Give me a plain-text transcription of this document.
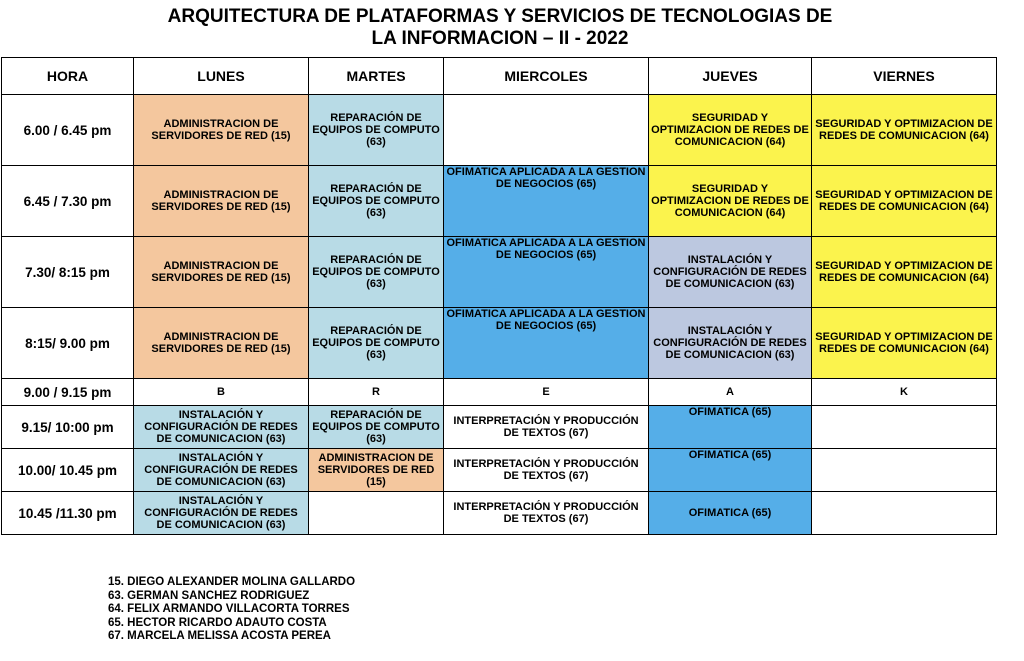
ARQUITECTURA DE PLATAFORMAS Y SERVICIOS DE TECNOLOGIAS DE
LA INFORMACION – II - 2022
HORA	LUNES	MARTES	MIERCOLES	JUEVES	VIERNES
6.00 / 6.45 pm	ADMINISTRACION DE SERVIDORES DE RED (15)	REPARACIÓN DE EQUIPOS DE COMPUTO (63)		SEGURIDAD Y OPTIMIZACION DE REDES DE COMUNICACION (64)	SEGURIDAD Y OPTIMIZACION DE REDES DE COMUNICACION (64)
6.45 / 7.30 pm	ADMINISTRACION DE SERVIDORES DE RED (15)	REPARACIÓN DE EQUIPOS DE COMPUTO (63)	OFIMATICA APLICADA A LA GESTION DE NEGOCIOS (65)	SEGURIDAD Y OPTIMIZACION DE REDES DE COMUNICACION (64)	SEGURIDAD Y OPTIMIZACION DE REDES DE COMUNICACION (64)
7.30/ 8:15 pm	ADMINISTRACION DE SERVIDORES DE RED (15)	REPARACIÓN DE EQUIPOS DE COMPUTO (63)	OFIMATICA APLICADA A LA GESTION DE NEGOCIOS (65)	INSTALACIÓN Y CONFIGURACIÓN DE REDES DE COMUNICACION (63)	SEGURIDAD Y OPTIMIZACION DE REDES DE COMUNICACION (64)
8:15/ 9.00 pm	ADMINISTRACION DE SERVIDORES DE RED (15)	REPARACIÓN DE EQUIPOS DE COMPUTO (63)	OFIMATICA APLICADA A LA GESTION DE NEGOCIOS (65)	INSTALACIÓN Y CONFIGURACIÓN DE REDES DE COMUNICACION (63)	SEGURIDAD Y OPTIMIZACION DE REDES DE COMUNICACION (64)
9.00 / 9.15 pm	B	R	E	A	K
9.15/ 10:00 pm	INSTALACIÓN Y CONFIGURACIÓN DE REDES DE COMUNICACION (63)	REPARACIÓN DE EQUIPOS DE COMPUTO (63)	INTERPRETACIÓN Y PRODUCCIÓN DE TEXTOS (67)	OFIMATICA (65)	
10.00/ 10.45 pm	INSTALACIÓN Y CONFIGURACIÓN DE REDES DE COMUNICACION (63)	ADMINISTRACION DE SERVIDORES DE RED (15)	INTERPRETACIÓN Y PRODUCCIÓN DE TEXTOS (67)	OFIMATICA (65)	
10.45 /11.30 pm	INSTALACIÓN Y CONFIGURACIÓN DE REDES DE COMUNICACION (63)		INTERPRETACIÓN Y PRODUCCIÓN DE TEXTOS (67)	OFIMATICA (65)	
15. DIEGO ALEXANDER MOLINA GALLARDO
63. GERMAN SANCHEZ RODRIGUEZ
64. FELIX ARMANDO VILLACORTA TORRES
65. HECTOR RICARDO ADAUTO COSTA
67. MARCELA MELISSA ACOSTA PEREA
